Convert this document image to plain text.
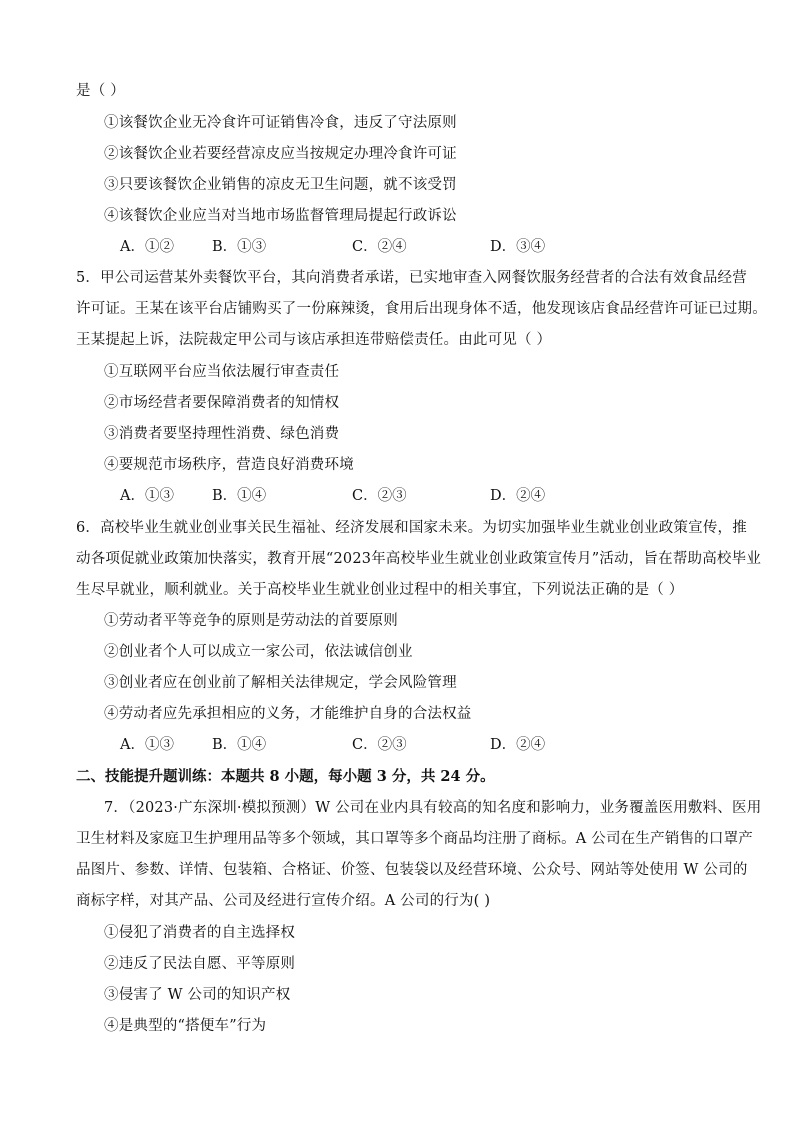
是（ ）
①该餐饮企业无冷食许可证销售冷食，违反了守法原则
②该餐饮企业若要经营凉皮应当按规定办理冷食许可证
③只要该餐饮企业销售的凉皮无卫生问题，就不该受罚
④该餐饮企业应当对当地市场监督管理局提起行政诉讼
A．①②	B．①③	C．②④	D．③④
5．甲公司运营某外卖餐饮平台，其向消费者承诺，已实地审查入网餐饮服务经营者的合法有效食品经营
许可证。王某在该平台店铺购买了一份麻辣烫，食用后出现身体不适，他发现该店食品经营许可证已过期。
王某提起上诉，法院裁定甲公司与该店承担连带赔偿责任。由此可见（ ）
①互联网平台应当依法履行审查责任
②市场经营者要保障消费者的知情权
③消费者要坚持理性消费、绿色消费
④要规范市场秩序，营造良好消费环境
A．①③	B．①④	C．②③	D．②④
6．高校毕业生就业创业事关民生福祉、经济发展和国家未来。为切实加强毕业生就业创业政策宣传，推
动各项促就业政策加快落实，教育开展“2023年高校毕业生就业创业政策宣传月”活动，旨在帮助高校毕业
生尽早就业，顺利就业。关于高校毕业生就业创业过程中的相关事宜，下列说法正确的是（ ）
①劳动者平等竞争的原则是劳动法的首要原则
②创业者个人可以成立一家公司，依法诚信创业
③创业者应在创业前了解相关法律规定，学会风险管理
④劳动者应先承担相应的义务，才能维护自身的合法权益
A．①③	B．①④	C．②③	D．②④
二、技能提升题训练：本题共 8 小题，每小题 3 分，共 24 分。
7．（2023·广东深圳·模拟预测）W 公司在业内具有较高的知名度和影响力，业务覆盖医用敷料、医用
卫生材料及家庭卫生护理用品等多个领域，其口罩等多个商品均注册了商标。A 公司在生产销售的口罩产
品图片、参数、详情、包装箱、合格证、价签、包装袋以及经营环境、公众号、网站等处使用 W 公司的
商标字样，对其产品、公司及经进行宣传介绍。A 公司的行为( )
①侵犯了消费者的自主选择权
②违反了民法自愿、平等原则
③侵害了 W 公司的知识产权
④是典型的“搭便车”行为
